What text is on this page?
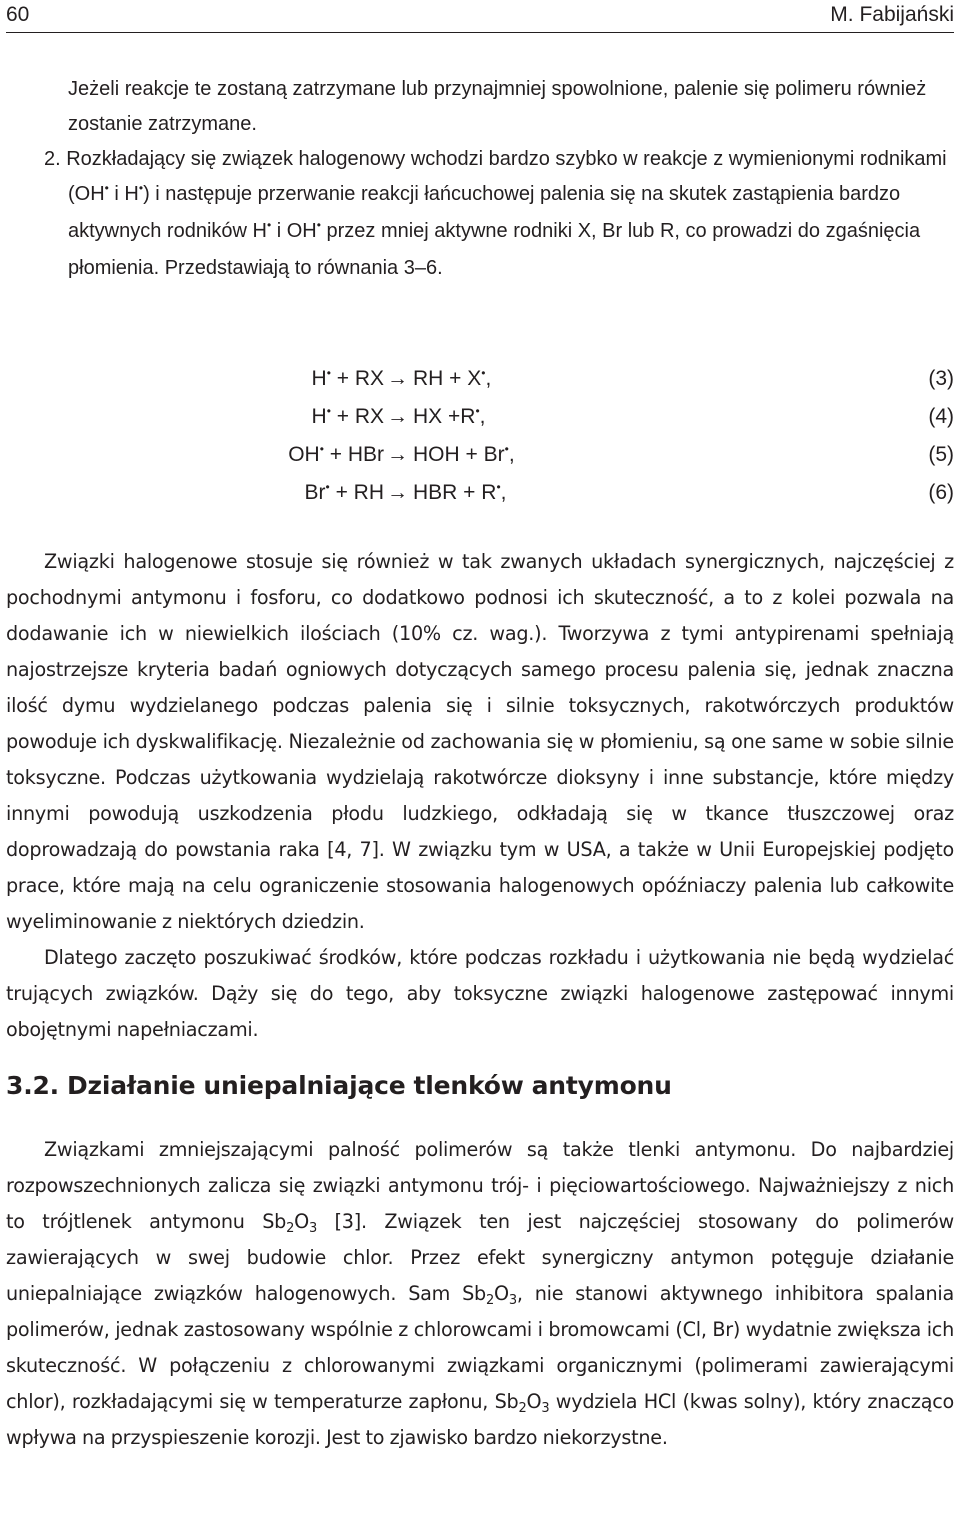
60	M. Fabijański

Jeżeli reakcje te zostaną zatrzymane lub przynajmniej spowolnione, palenie się polimeru również zostanie zatrzymane.

2. Rozkładający się związek halogenowy wchodzi bardzo szybko w reakcje z wymienionymi rodnikami (OH• i H•) i następuje przerwanie reakcji łańcuchowej palenia się na skutek zastąpienia bardzo aktywnych rodników H• i OH• przez mniej aktywne rodniki X, Br lub R, co prowadzi do zgaśnięcia płomienia. Przedstawiają to równania 3–6.

H• + RX → RH + X•,	(3)
H• + RX → HX +R•,	(4)
OH• + HBr → HOH + Br•,	(5)
Br• + RH → HBR + R•,	(6)

Związki halogenowe stosuje się również w tak zwanych układach synergicznych, najczęściej z pochodnymi antymonu i fosforu, co dodatkowo podnosi ich skuteczność, a to z kolei pozwala na dodawanie ich w niewielkich ilościach (10% cz. wag.). Tworzywa z tymi antypirenami spełniają najostrzejsze kryteria badań ogniowych dotyczących samego procesu palenia się, jednak znaczna ilość dymu wydzielanego podczas palenia się i silnie toksycznych, rakotwórczych produktów powoduje ich dyskwalifikację. Niezależnie od zachowania się w płomieniu, są one same w sobie silnie toksyczne. Podczas użytkowania wydzielają rakotwórcze dioksyny i inne substancje, które między innymi powodują uszkodzenia płodu ludzkiego, odkładają się w tkance tłuszczowej oraz doprowadzają do powstania raka [4, 7]. W związku tym w USA, a także w Unii Europejskiej podjęto prace, które mają na celu ograniczenie stosowania halogenowych opóźniaczy palenia lub całkowite wyeliminowanie z niektórych dziedzin.

Dlatego zaczęto poszukiwać środków, które podczas rozkładu i użytkowania nie będą wydzielać trujących związków. Dąży się do tego, aby toksyczne związki halogenowe zastępować innymi obojętnymi napełniaczami.

3.2. Działanie uniepalniające tlenków antymonu

Związkami zmniejszającymi palność polimerów są także tlenki antymonu. Do najbardziej rozpowszechnionych zalicza się związki antymonu trój- i pięciowartościowego. Najważniejszy z nich to trójtlenek antymonu $Sb_2O_3$ [3]. Związek ten jest najczęściej stosowany do polimerów zawierających w swej budowie chlor. Przez efekt synergiczny antymon potęguje działanie uniepalniające związków halogenowych. Sam $Sb_2O_3$, nie stanowi aktywnego inhibitora spalania polimerów, jednak zastosowany wspólnie z chlorowcami i bromowcami (Cl, Br) wydatnie zwiększa ich skuteczność. W połączeniu z chlorowanymi związkami organicznymi (polimerami zawierającymi chlor), rozkładającymi się w temperaturze zapłonu, $Sb_2O_3$ wydziela HCl (kwas solny), który znacząco wpływa na przyspieszenie korozji. Jest to zjawisko bardzo niekorzystne.
